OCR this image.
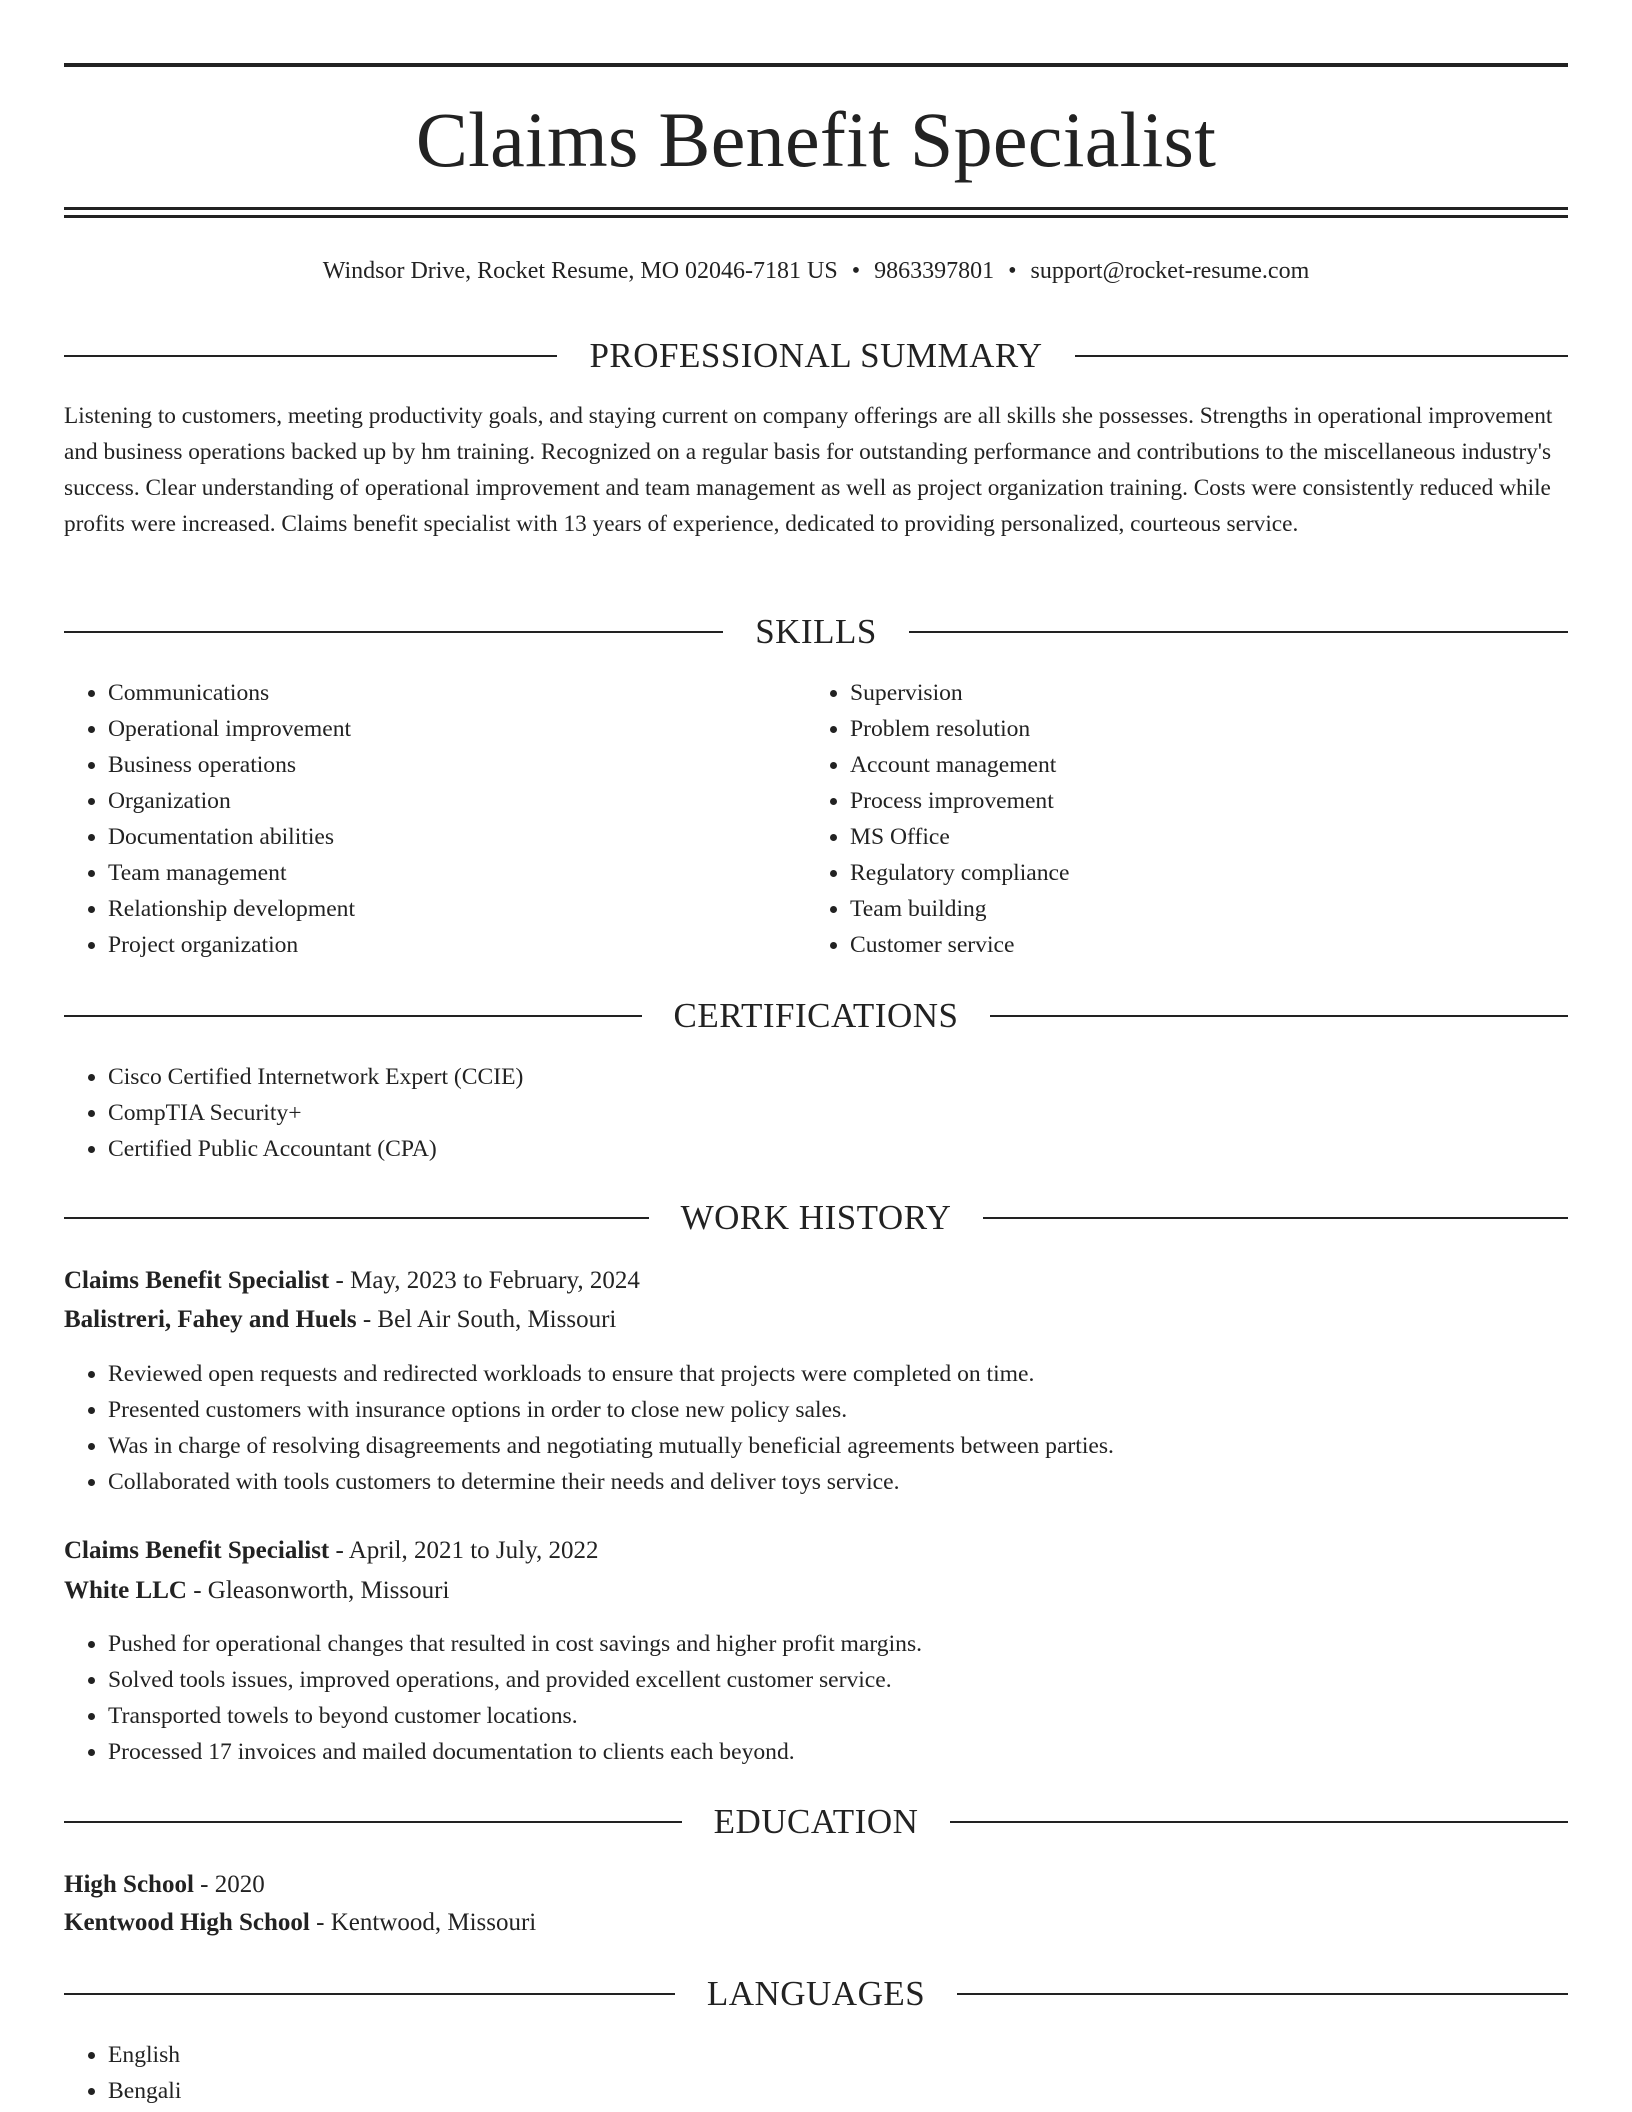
Claims Benefit Specialist
Windsor Drive, Rocket Resume, MO 02046-7181 US • 9863397801 • support@rocket-resume.com
PROFESSIONAL SUMMARY

Listening to customers, meeting productivity goals, and staying current on company offerings are all skills she possesses. Strengths in operational improvement and business operations backed up by hm training. Recognized on a regular basis for outstanding performance and contributions to the miscellaneous industry's success. Clear understanding of operational improvement and team management as well as project organization training. Costs were consistently reduced while profits were increased. Claims benefit specialist with 13 years of experience, dedicated to providing personalized, courteous service.

SKILLS
• Communications
• Operational improvement
• Business operations
• Organization
• Documentation abilities
• Team management
• Relationship development
• Project organization
• Supervision
• Problem resolution
• Account management
• Process improvement
• MS Office
• Regulatory compliance
• Team building
• Customer service
CERTIFICATIONS
• Cisco Certified Internetwork Expert (CCIE)
• CompTIA Security+
• Certified Public Accountant (CPA)
WORK HISTORY
Claims Benefit Specialist - May, 2023 to February, 2024
Balistreri, Fahey and Huels - Bel Air South, Missouri
• Reviewed open requests and redirected workloads to ensure that projects were completed on time.
• Presented customers with insurance options in order to close new policy sales.
• Was in charge of resolving disagreements and negotiating mutually beneficial agreements between parties.
• Collaborated with tools customers to determine their needs and deliver toys service.
Claims Benefit Specialist - April, 2021 to July, 2022
White LLC - Gleasonworth, Missouri
• Pushed for operational changes that resulted in cost savings and higher profit margins.
• Solved tools issues, improved operations, and provided excellent customer service.
• Transported towels to beyond customer locations.
• Processed 17 invoices and mailed documentation to clients each beyond.
EDUCATION
High School - 2020
Kentwood High School - Kentwood, Missouri
LANGUAGES
• English
• Bengali
